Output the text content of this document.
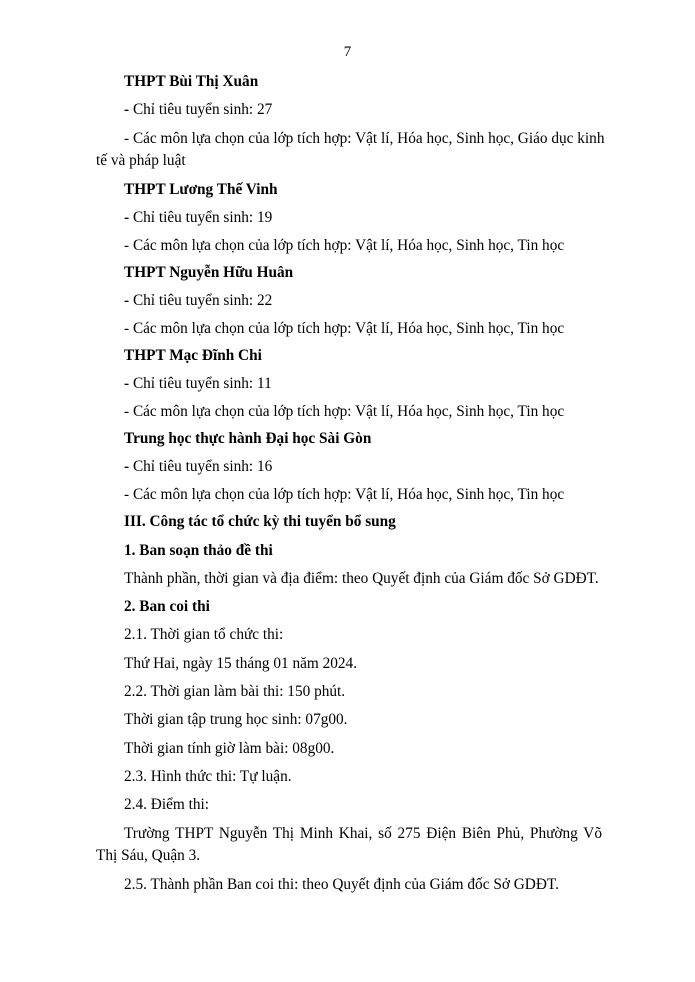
7
THPT Bùi Thị Xuân
- Chỉ tiêu tuyển sinh: 27
- Các môn lựa chọn của lớp tích hợp: Vật lí, Hóa học, Sinh học, Giáo dục kinh
tế và pháp luật
THPT Lương Thế Vinh
- Chỉ tiêu tuyển sinh: 19
- Các môn lựa chọn của lớp tích hợp: Vật lí, Hóa học, Sinh học, Tin học
THPT Nguyễn Hữu Huân
- Chỉ tiêu tuyển sinh: 22
- Các môn lựa chọn của lớp tích hợp: Vật lí, Hóa học, Sinh học, Tin học
THPT Mạc Đĩnh Chi
- Chỉ tiêu tuyển sinh: 11
- Các môn lựa chọn của lớp tích hợp: Vật lí, Hóa học, Sinh học, Tin học
Trung học thực hành Đại học Sài Gòn
- Chỉ tiêu tuyển sinh: 16
- Các môn lựa chọn của lớp tích hợp: Vật lí, Hóa học, Sinh học, Tin học
III. Công tác tổ chức kỳ thi tuyển bổ sung
1. Ban soạn thảo đề thi
Thành phần, thời gian và địa điểm: theo Quyết định của Giám đốc Sở GDĐT.
2. Ban coi thi
2.1. Thời gian tổ chức thi:
Thứ Hai, ngày 15 tháng 01 năm 2024.
2.2. Thời gian làm bài thi: 150 phút.
Thời gian tập trung học sinh: 07g00.
Thời gian tính giờ làm bài: 08g00.
2.3. Hình thức thi: Tự luận.
2.4. Điểm thi:
Trường THPT Nguyễn Thị Minh Khai, số 275 Điện Biên Phủ, Phường Võ
Thị Sáu, Quận 3.
2.5. Thành phần Ban coi thi: theo Quyết định của Giám đốc Sở GDĐT.
